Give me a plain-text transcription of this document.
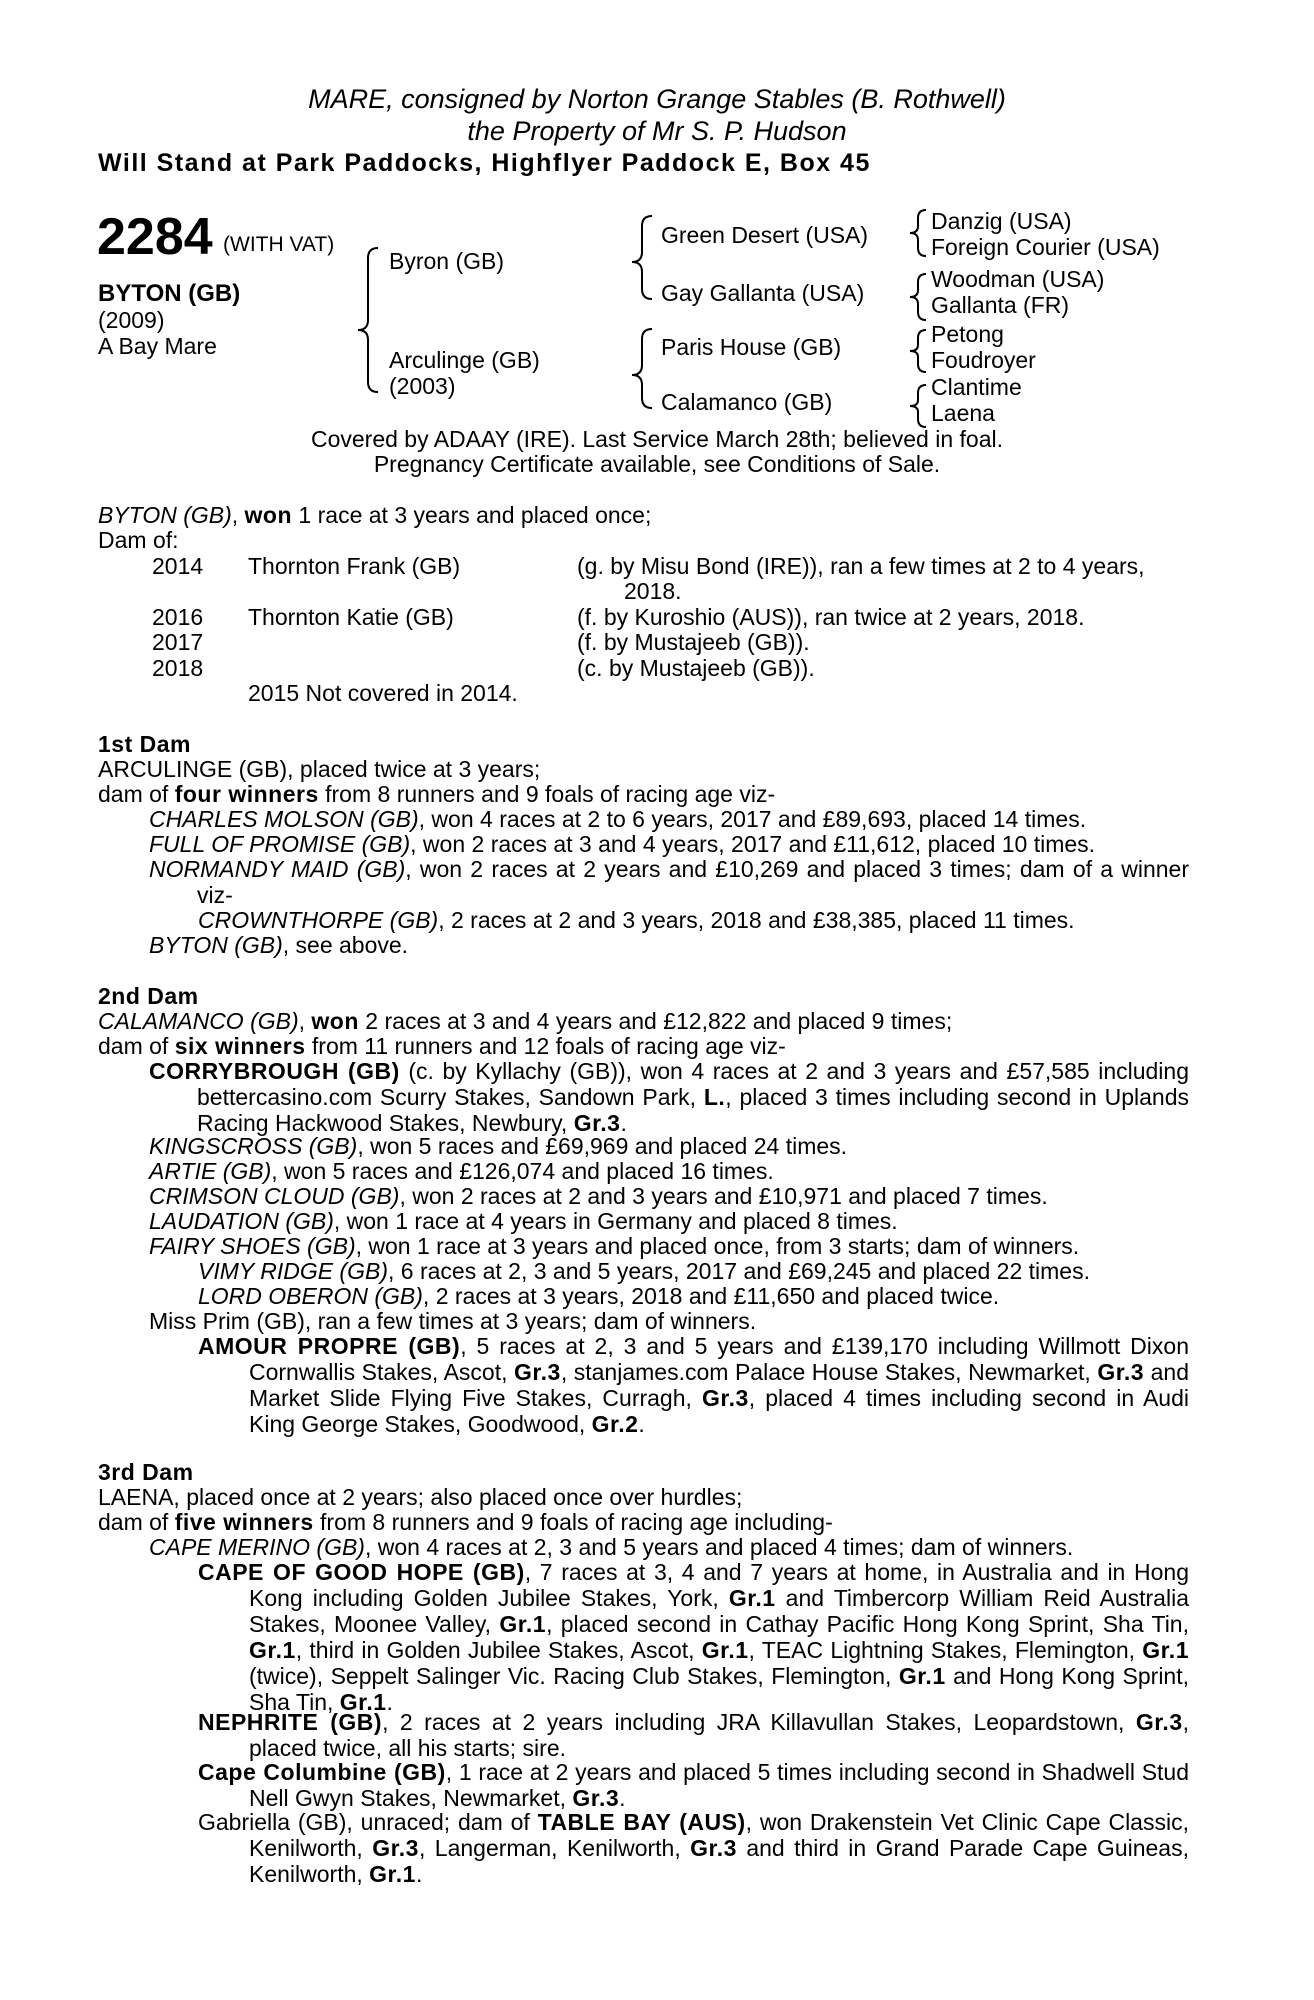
MARE, consigned by Norton Grange Stables (B. Rothwell)
the Property of Mr S. P. Hudson
Will Stand at Park Paddocks, Highflyer Paddock E, Box 45
2284 (WITH VAT)
BYTON (GB)
(2009)
A Bay Mare
Byron (GB)
Arculinge (GB)
(2003)
Green Desert (USA)
Gay Gallanta (USA)
Paris House (GB)
Calamanco (GB)
Danzig (USA)
Foreign Courier (USA)
Woodman (USA)
Gallanta (FR)
Petong
Foudroyer
Clantime
Laena
Covered by ADAAY (IRE). Last Service March 28th; believed in foal.
Pregnancy Certificate available, see Conditions of Sale.
BYTON (GB), won 1 race at 3 years and placed once;
Dam of:
2014 Thornton Frank (GB)	(g. by Misu Bond (IRE)), ran a few times at 2 to 4 years,
2018.
2016 Thornton Katie (GB)	(f. by Kuroshio (AUS)), ran twice at 2 years, 2018.
2017	(f. by Mustajeeb (GB)).
2018	(c. by Mustajeeb (GB)).
2015 Not covered in 2014.
1st Dam
ARCULINGE (GB), placed twice at 3 years;
dam of four winners from 8 runners and 9 foals of racing age viz-
CHARLES MOLSON (GB), won 4 races at 2 to 6 years, 2017 and £89,693, placed 14 times.
FULL OF PROMISE (GB), won 2 races at 3 and 4 years, 2017 and £11,612, placed 10 times.
NORMANDY MAID (GB), won 2 races at 2 years and £10,269 and placed 3 times; dam of a winner viz-
CROWNTHORPE (GB), 2 races at 2 and 3 years, 2018 and £38,385, placed 11 times.
BYTON (GB), see above.
2nd Dam
CALAMANCO (GB), won 2 races at 3 and 4 years and £12,822 and placed 9 times;
dam of six winners from 11 runners and 12 foals of racing age viz-
CORRYBROUGH (GB) (c. by Kyllachy (GB)), won 4 races at 2 and 3 years and £57,585 including bettercasino.com Scurry Stakes, Sandown Park, L., placed 3 times including second in Uplands Racing Hackwood Stakes, Newbury, Gr.3.
KINGSCROSS (GB), won 5 races and £69,969 and placed 24 times.
ARTIE (GB), won 5 races and £126,074 and placed 16 times.
CRIMSON CLOUD (GB), won 2 races at 2 and 3 years and £10,971 and placed 7 times.
LAUDATION (GB), won 1 race at 4 years in Germany and placed 8 times.
FAIRY SHOES (GB), won 1 race at 3 years and placed once, from 3 starts; dam of winners.
VIMY RIDGE (GB), 6 races at 2, 3 and 5 years, 2017 and £69,245 and placed 22 times.
LORD OBERON (GB), 2 races at 3 years, 2018 and £11,650 and placed twice.
Miss Prim (GB), ran a few times at 3 years; dam of winners.
AMOUR PROPRE (GB), 5 races at 2, 3 and 5 years and £139,170 including Willmott Dixon Cornwallis Stakes, Ascot, Gr.3, stanjames.com Palace House Stakes, Newmarket, Gr.3 and Market Slide Flying Five Stakes, Curragh, Gr.3, placed 4 times including second in Audi King George Stakes, Goodwood, Gr.2.
3rd Dam
LAENA, placed once at 2 years; also placed once over hurdles;
dam of five winners from 8 runners and 9 foals of racing age including-
CAPE MERINO (GB), won 4 races at 2, 3 and 5 years and placed 4 times; dam of winners.
CAPE OF GOOD HOPE (GB), 7 races at 3, 4 and 7 years at home, in Australia and in Hong Kong including Golden Jubilee Stakes, York, Gr.1 and Timbercorp William Reid Australia Stakes, Moonee Valley, Gr.1, placed second in Cathay Pacific Hong Kong Sprint, Sha Tin, Gr.1, third in Golden Jubilee Stakes, Ascot, Gr.1, TEAC Lightning Stakes, Flemington, Gr.1 (twice), Seppelt Salinger Vic. Racing Club Stakes, Flemington, Gr.1 and Hong Kong Sprint, Sha Tin, Gr.1.
NEPHRITE (GB), 2 races at 2 years including JRA Killavullan Stakes, Leopardstown, Gr.3, placed twice, all his starts; sire.
Cape Columbine (GB), 1 race at 2 years and placed 5 times including second in Shadwell Stud Nell Gwyn Stakes, Newmarket, Gr.3.
Gabriella (GB), unraced; dam of TABLE BAY (AUS), won Drakenstein Vet Clinic Cape Classic, Kenilworth, Gr.3, Langerman, Kenilworth, Gr.3 and third in Grand Parade Cape Guineas, Kenilworth, Gr.1.
